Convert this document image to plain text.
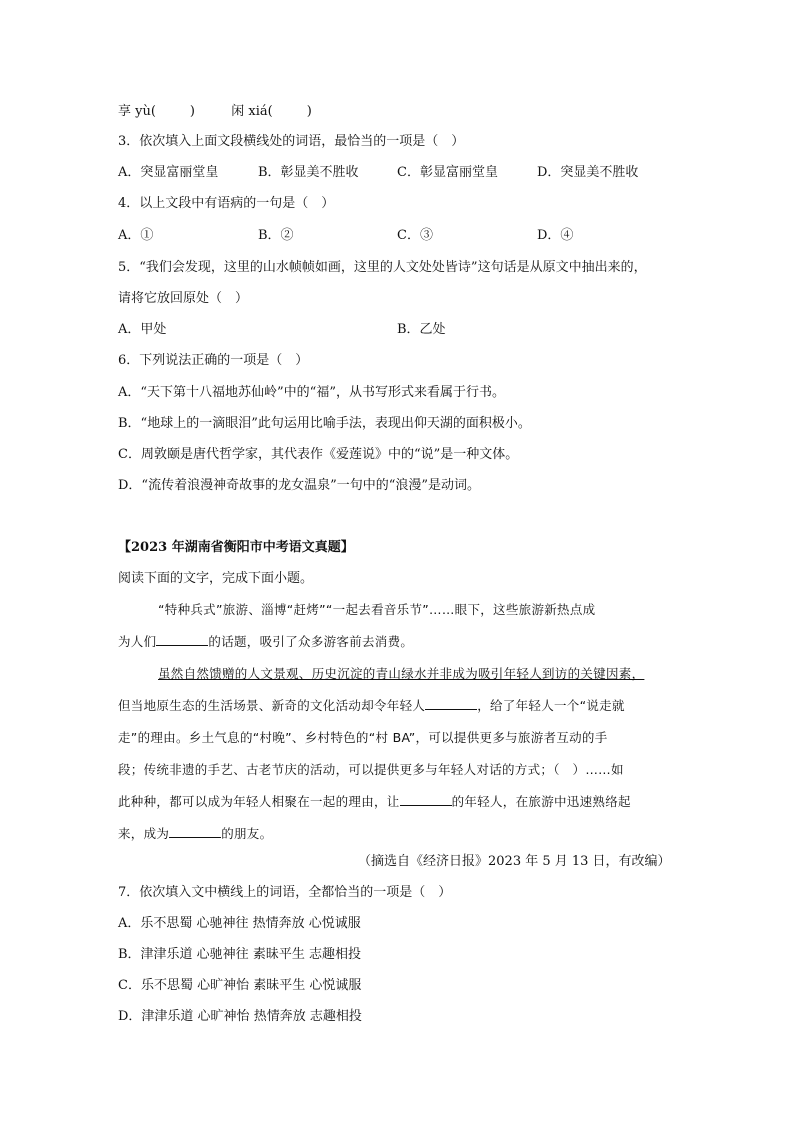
享 yù(	)	闲 xiá(	)
3．依次填入上面文段横线处的词语，最恰当的一项是（　）
A．突显富丽堂皇	B．彰显美不胜收	C．彰显富丽堂皇	D．突显美不胜收
4．以上文段中有语病的一句是（　）
A．①	B．②	C．③	D．④
5．“我们会发现，这里的山水帧帧如画，这里的人文处处皆诗”这句话是从原文中抽出来的，
请将它放回原处（　）
A．甲处	B．乙处
6．下列说法正确的一项是（　）
A．“天下第十八福地苏仙岭”中的“福”，从书写形式来看属于行书。
B．“地球上的一滴眼泪”此句运用比喻手法，表现出仰天湖的面积极小。
C．周敦颐是唐代哲学家，其代表作《爱莲说》中的“说”是一种文体。
D．“流传着浪漫神奇故事的龙女温泉”一句中的“浪漫”是动词。
【2023 年湖南省衡阳市中考语文真题】
阅读下面的文字，完成下面小题。
“特种兵式”旅游、淄博“赶烤”“一起去看音乐节”……眼下，这些旅游新热点成
为人们	的话题，吸引了众多游客前去消费。
虽然自然馈赠的人文景观、历史沉淀的青山绿水并非成为吸引年轻人到访的关键因素，
但当地原生态的生活场景、新奇的文化活动却令年轻人	，给了年轻人一个“说走就
走”的理由。乡土气息的“村晚”、乡村特色的“村 BA”，可以提供更多与旅游者互动的手
段；传统非遗的手艺、古老节庆的活动，可以提供更多与年轻人对话的方式；（　）……如
此种种，都可以成为年轻人相聚在一起的理由，让	的年轻人，在旅游中迅速熟络起
来，成为	的朋友。
（摘选自《经济日报》2023 年 5 月 13 日，有改编）
7．依次填入文中横线上的词语，全都恰当的一项是（　）
A．乐不思蜀 心驰神往 热情奔放 心悦诚服
B．津津乐道 心驰神往 素昧平生 志趣相投
C．乐不思蜀 心旷神怡 素昧平生 心悦诚服
D．津津乐道 心旷神怡 热情奔放 志趣相投
